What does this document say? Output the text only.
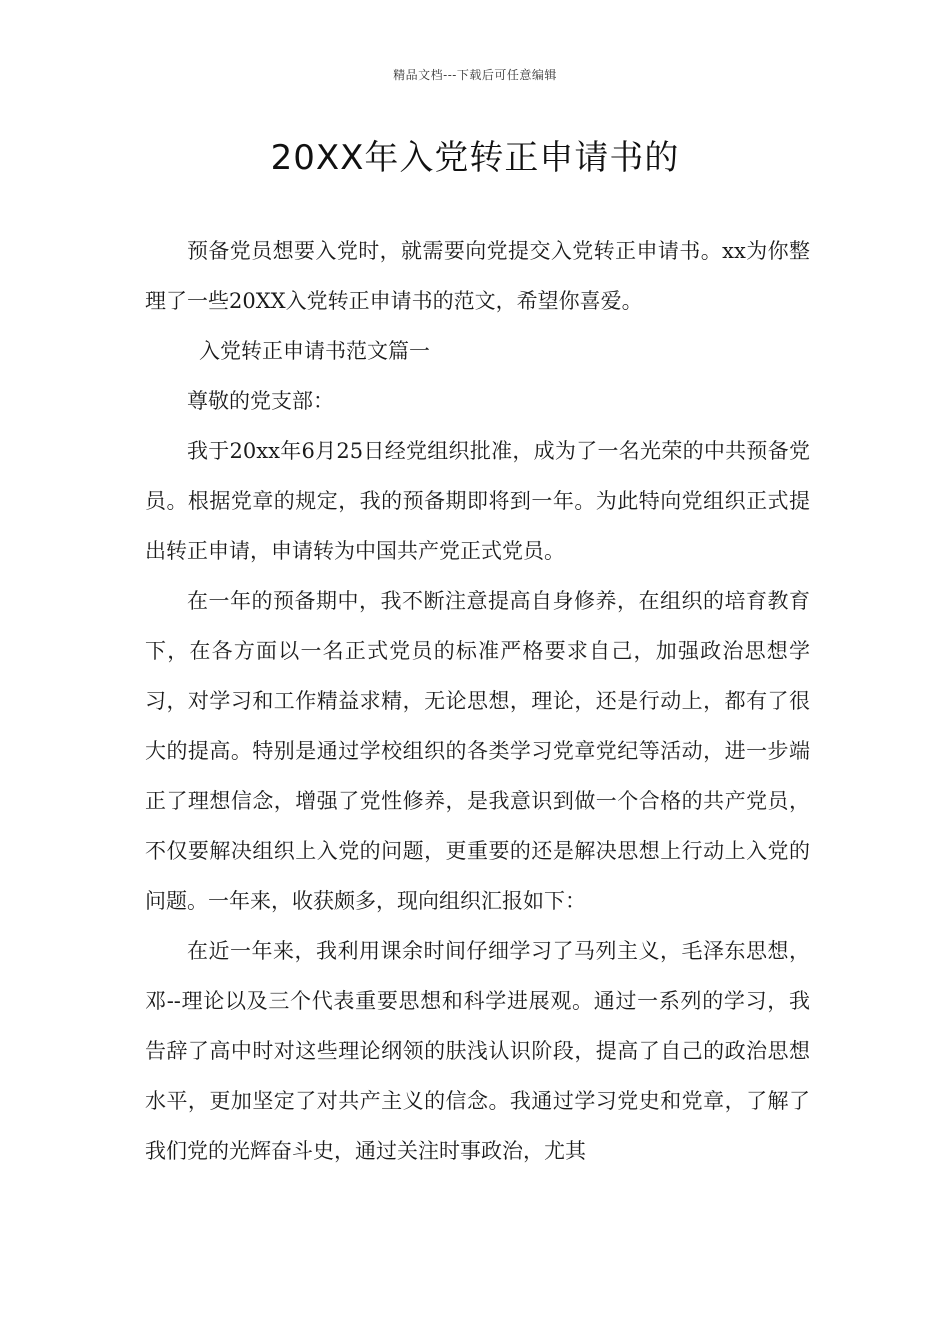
精品文档---下载后可任意编辑
20XX年入党转正申请书的

预备党员想要入党时，就需要向党提交入党转正申请书。xx为你整理了一些20XX入党转正申请书的范文，希望你喜爱。

入党转正申请书范文篇一

尊敬的党支部：

我于20xx年6月25日经党组织批准，成为了一名光荣的中共预备党员。根据党章的规定，我的预备期即将到一年。为此特向党组织正式提出转正申请，申请转为中国共产党正式党员。

在一年的预备期中，我不断注意提高自身修养，在组织的培育教育下，在各方面以一名正式党员的标准严格要求自己，加强政治思想学习，对学习和工作精益求精，无论思想，理论，还是行动上，都有了很大的提高。特别是通过学校组织的各类学习党章党纪等活动，进一步端正了理想信念，增强了党性修养，是我意识到做一个合格的共产党员，不仅要解决组织上入党的问题，更重要的还是解决思想上行动上入党的问题。一年来，收获颇多，现向组织汇报如下：

在近一年来，我利用课余时间仔细学习了马列主义，毛泽东思想，邓--理论以及三个代表重要思想和科学进展观。通过一系列的学习，我告辞了高中时对这些理论纲领的肤浅认识阶段，提高了自己的政治思想水平，更加坚定了对共产主义的信念。我通过学习党史和党章，了解了我们党的光辉奋斗史，通过关注时事政治，尤其
